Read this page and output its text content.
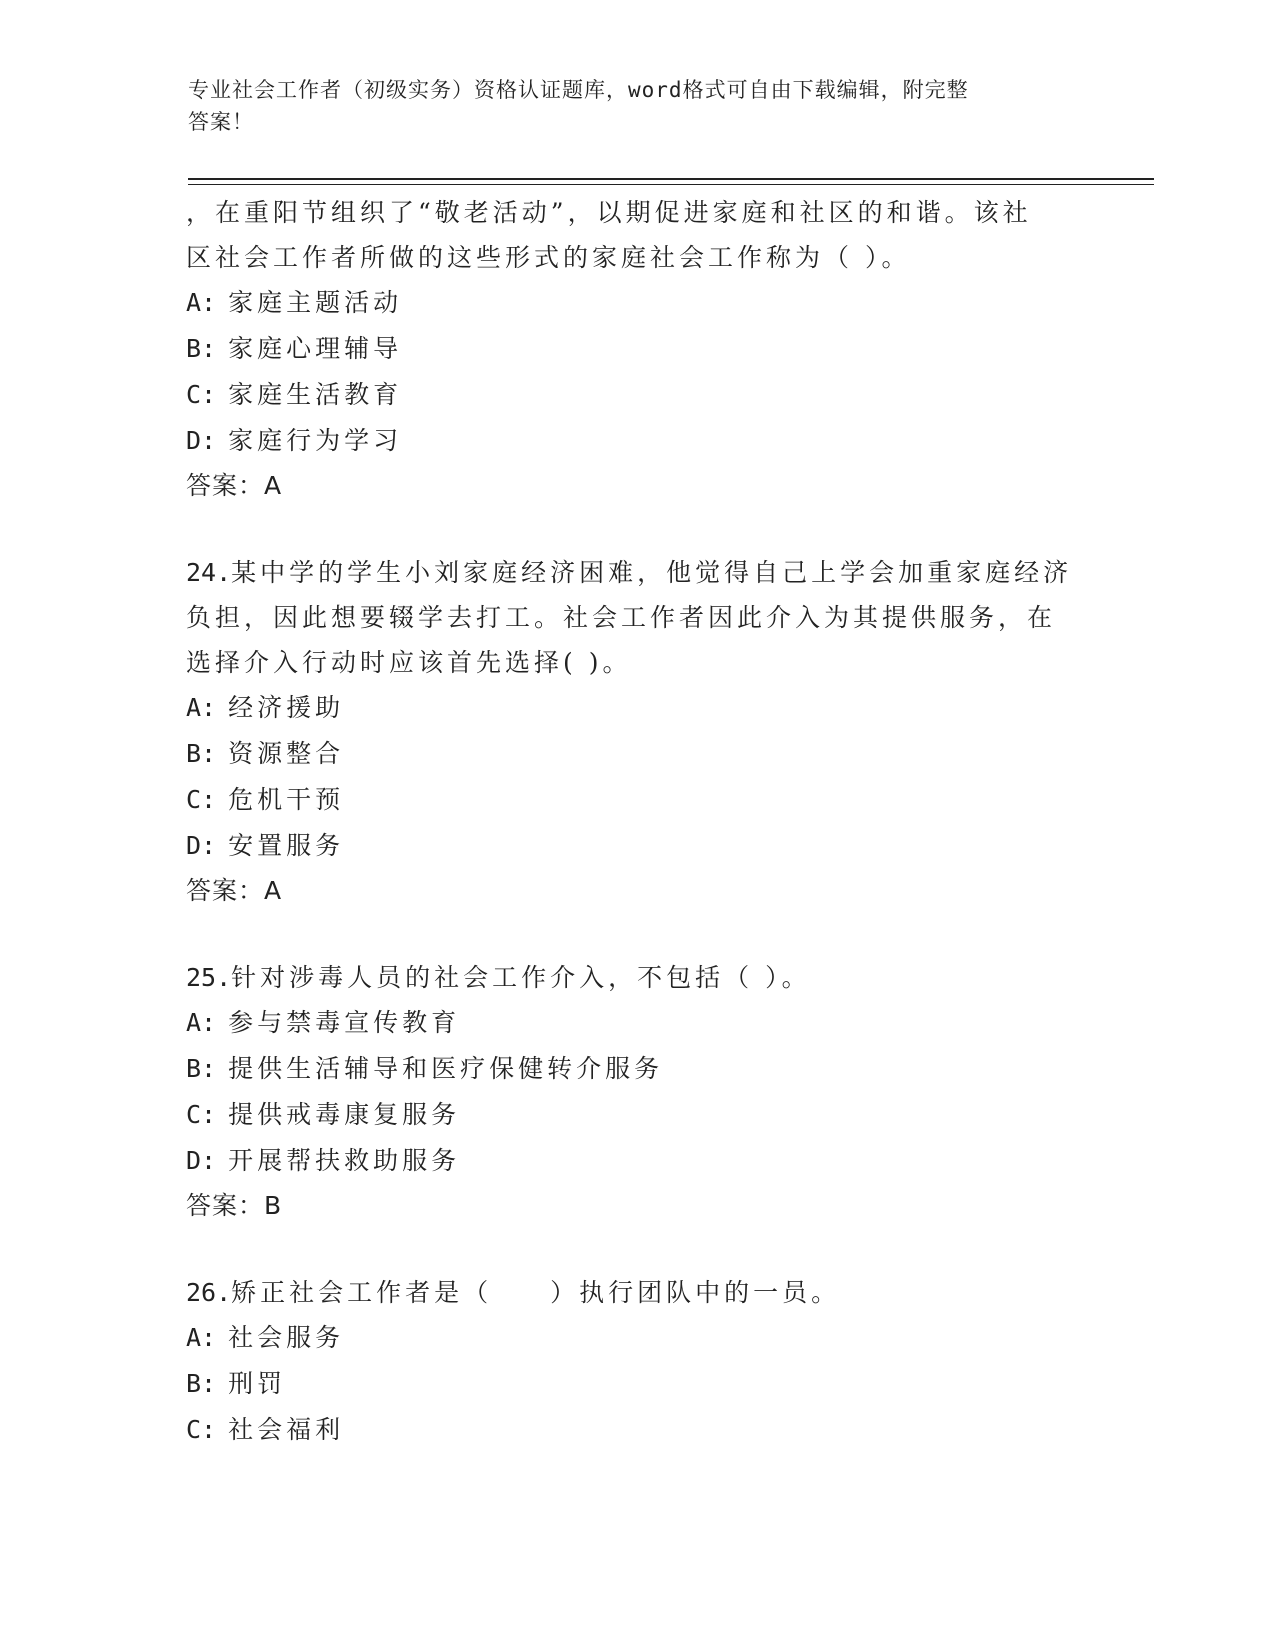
专业社会工作者（初级实务）资格认证题库，word格式可自由下载编辑，附完整
答案！

，在重阳节组织了“敬老活动”，以期促进家庭和社区的和谐。该社

区社会工作者所做的这些形式的家庭社会工作称为（ ）。

A: 家庭主题活动

B: 家庭心理辅导

C: 家庭生活教育

D: 家庭行为学习

答案：A

24.某中学的学生小刘家庭经济困难，他觉得自己上学会加重家庭经济

负担，因此想要辍学去打工。社会工作者因此介入为其提供服务，在

选择介入行动时应该首先选择( )。

A: 经济援助

B: 资源整合

C: 危机干预

D: 安置服务

答案：A

25.针对涉毒人员的社会工作介入，不包括（ ）。

A: 参与禁毒宣传教育

B: 提供生活辅导和医疗保健转介服务

C: 提供戒毒康复服务

D: 开展帮扶救助服务

答案：B

26.矫正社会工作者是（　　）执行团队中的一员。

A: 社会服务

B: 刑罚

C: 社会福利
